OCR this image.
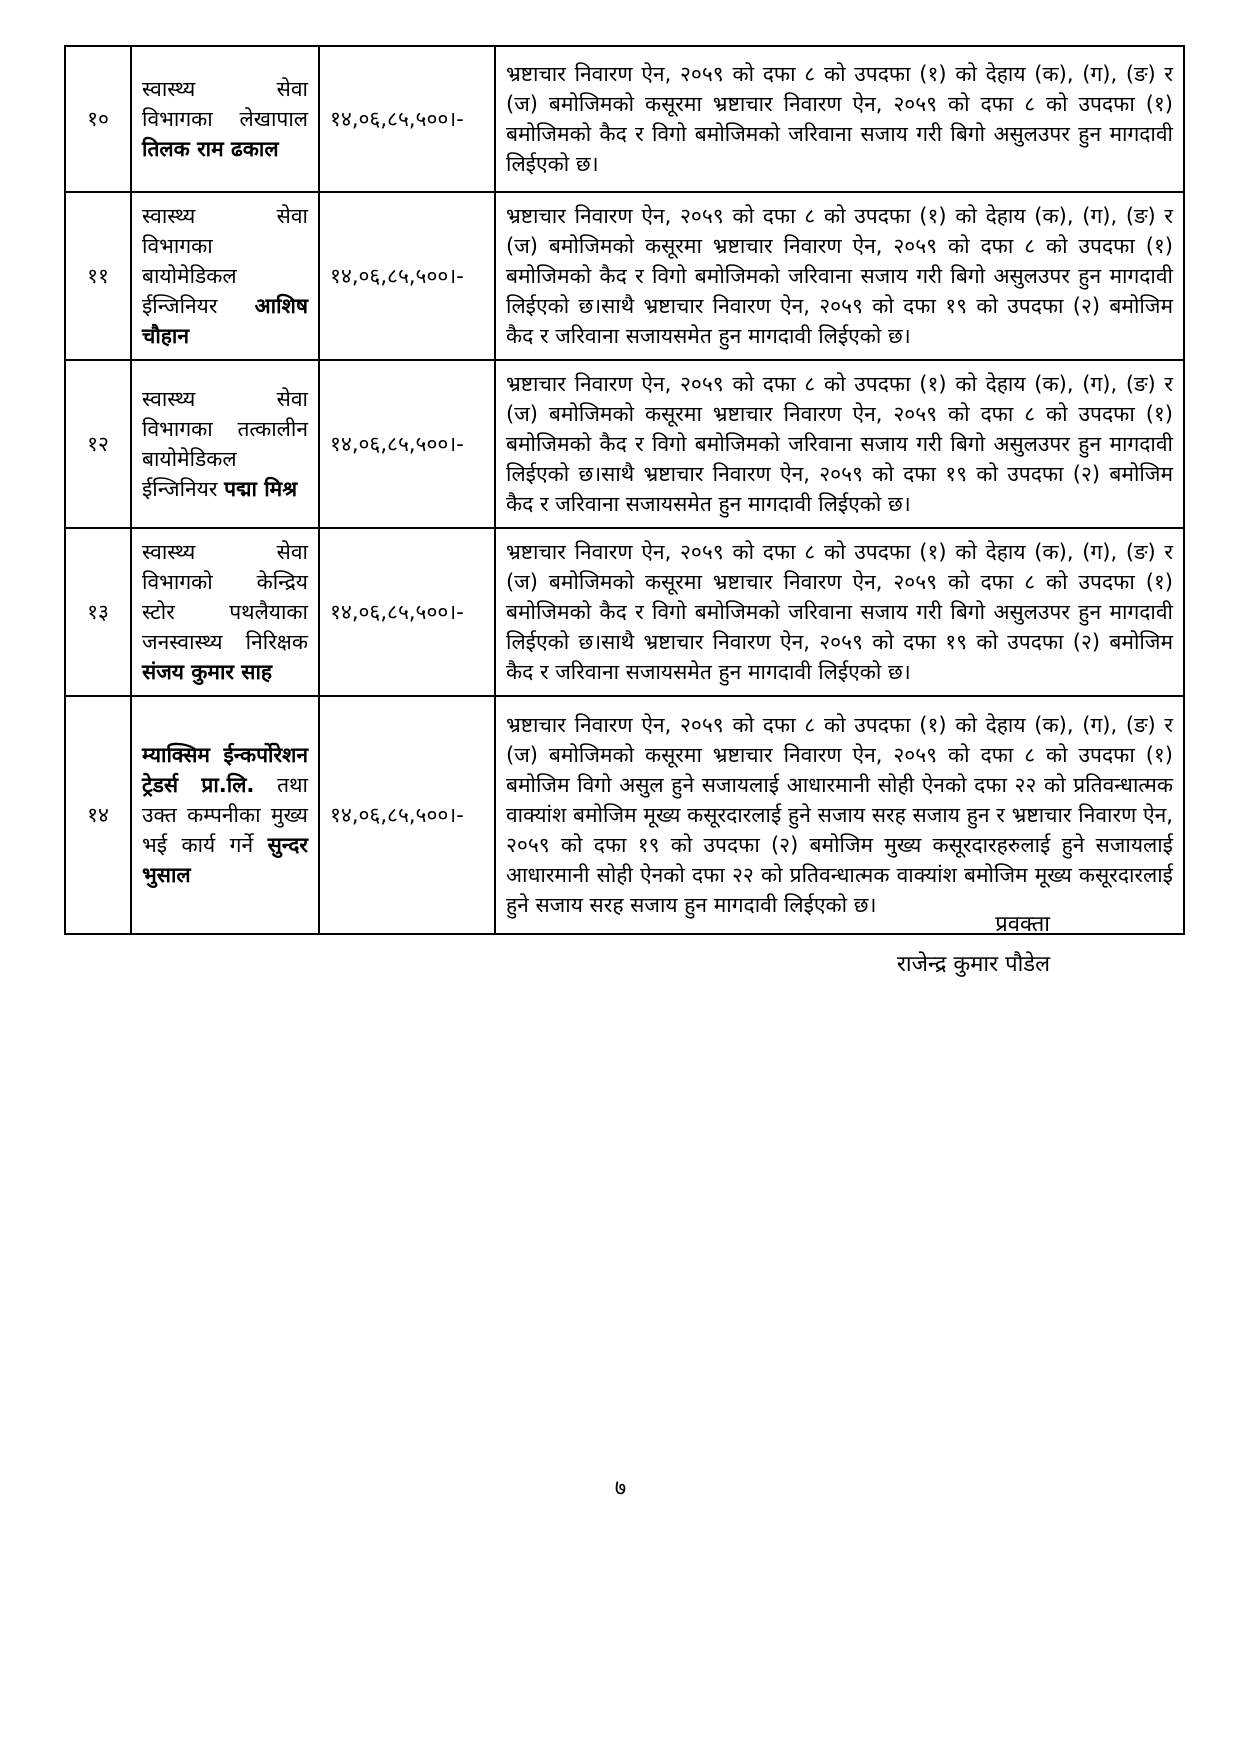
१०	स्वास्थ्य सेवा विभागका लेखापाल तिलक राम ढकाल	१४,०६,८५,५००।-	भ्रष्टाचार निवारण ऐन, २०५९ को दफा ८ को उपदफा (१) को देहाय (क), (ग), (ङ) र (ज) बमोजिमको कसूरमा भ्रष्टाचार निवारण ऐन, २०५९ को दफा ८ को उपदफा (१) बमोजिमको कैद र विगो बमोजिमको जरिवाना सजाय गरी बिगो असुलउपर हुन मागदावी लिईएको छ।
११	स्वास्थ्य सेवा विभागका बायोमेडिकल ईन्जिनियर आशिष चौहान	१४,०६,८५,५००।-	भ्रष्टाचार निवारण ऐन, २०५९ को दफा ८ को उपदफा (१) को देहाय (क), (ग), (ङ) र (ज) बमोजिमको कसूरमा भ्रष्टाचार निवारण ऐन, २०५९ को दफा ८ को उपदफा (१) बमोजिमको कैद र विगो बमोजिमको जरिवाना सजाय गरी बिगो असुलउपर हुन मागदावी लिईएको छ।साथै भ्रष्टाचार निवारण ऐन, २०५९ को दफा १९ को उपदफा (२) बमोजिम कैद र जरिवाना सजायसमेत हुन मागदावी लिईएको छ।
१२	स्वास्थ्य सेवा विभागका तत्कालीन बायोमेडिकल ईन्जिनियर पद्मा मिश्र	१४,०६,८५,५००।-	भ्रष्टाचार निवारण ऐन, २०५९ को दफा ८ को उपदफा (१) को देहाय (क), (ग), (ङ) र (ज) बमोजिमको कसूरमा भ्रष्टाचार निवारण ऐन, २०५९ को दफा ८ को उपदफा (१) बमोजिमको कैद र विगो बमोजिमको जरिवाना सजाय गरी बिगो असुलउपर हुन मागदावी लिईएको छ।साथै भ्रष्टाचार निवारण ऐन, २०५९ को दफा १९ को उपदफा (२) बमोजिम कैद र जरिवाना सजायसमेत हुन मागदावी लिईएको छ।
१३	स्वास्थ्य सेवा विभागको केन्द्रिय स्टोर पथलैयाका जनस्वास्थ्य निरिक्षक संजय कुमार साह	१४,०६,८५,५००।-	भ्रष्टाचार निवारण ऐन, २०५९ को दफा ८ को उपदफा (१) को देहाय (क), (ग), (ङ) र (ज) बमोजिमको कसूरमा भ्रष्टाचार निवारण ऐन, २०५९ को दफा ८ को उपदफा (१) बमोजिमको कैद र विगो बमोजिमको जरिवाना सजाय गरी बिगो असुलउपर हुन मागदावी लिईएको छ।साथै भ्रष्टाचार निवारण ऐन, २०५९ को दफा १९ को उपदफा (२) बमोजिम कैद र जरिवाना सजायसमेत हुन मागदावी लिईएको छ।
१४	म्याक्सिम ईन्कर्पोरेशन ट्रेडर्स प्रा.लि. तथा उक्त कम्पनीका मुख्य भई कार्य गर्ने सुन्दर भुसाल	१४,०६,८५,५००।-	भ्रष्टाचार निवारण ऐन, २०५९ को दफा ८ को उपदफा (१) को देहाय (क), (ग), (ङ) र (ज) बमोजिमको कसूरमा भ्रष्टाचार निवारण ऐन, २०५९ को दफा ८ को उपदफा (१) बमोजिम विगो असुल हुने सजायलाई आधारमानी सोही ऐनको दफा २२ को प्रतिवन्धात्मक वाक्यांश बमोजिम मूख्य कसूरदारलाई हुने सजाय सरह सजाय हुन र भ्रष्टाचार निवारण ऐन, २०५९ को दफा १९ को उपदफा (२) बमोजिम मुख्य कसूरदारहरुलाई हुने सजायलाई आधारमानी सोही ऐनको दफा २२ को प्रतिवन्धात्मक वाक्यांश बमोजिम मूख्य कसूरदारलाई हुने सजाय सरह सजाय हुन मागदावी लिईएको छ।
प्रवक्ता
राजेन्द्र कुमार पौडेल
७
